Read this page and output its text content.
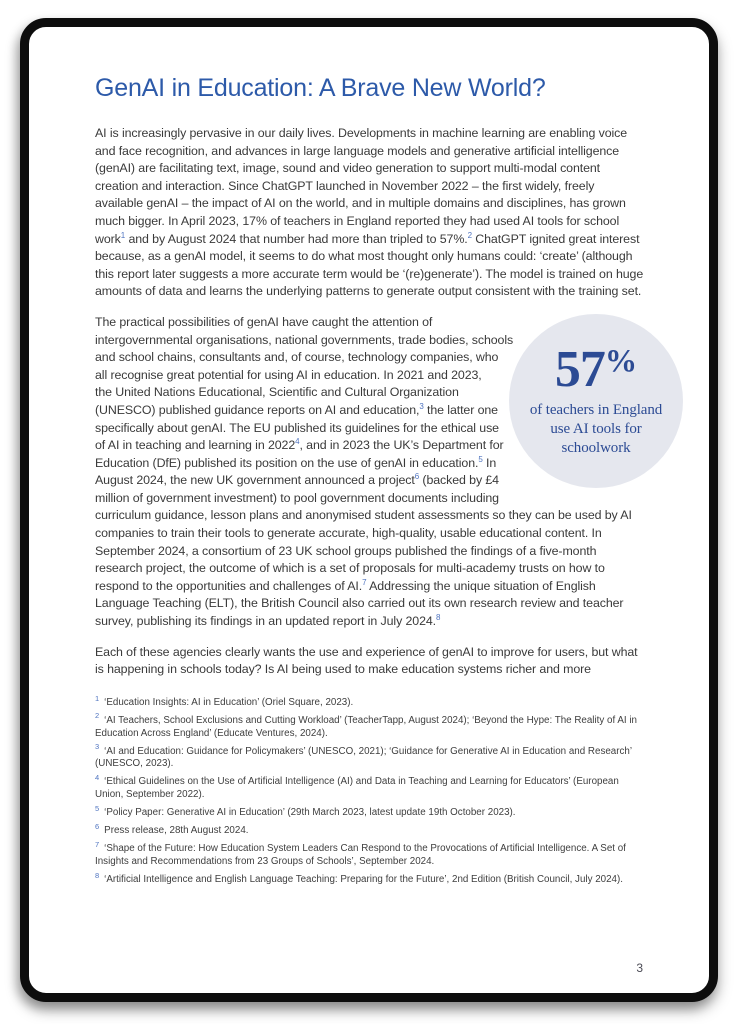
GenAI in Education: A Brave New World?

AI is increasingly pervasive in our daily lives. Developments in machine learning are enabling voice and face recognition, and advances in large language models and generative artificial intelligence (genAI) are facilitating text, image, sound and video generation to support multi-modal content creation and interaction. Since ChatGPT launched in November 2022 – the first widely, freely available genAI – the impact of AI on the world, and in multiple domains and disciplines, has grown much bigger. In April 2023, 17% of teachers in England reported they had used AI tools for school work$^1$ and by August 2024 that number had more than tripled to 57%.$^2$ ChatGPT ignited great interest because, as a genAI model, it seems to do what most thought only humans could: ‘create’ (although this report later suggests a more accurate term would be ‘(re)generate’). The model is trained on huge amounts of data and learns the underlying patterns to generate output consistent with the training set.

57%
of teachers in England use AI tools for schoolwork
The practical possibilities of genAI have caught the attention of intergovernmental organisations, national governments, trade bodies, schools and school chains, consultants and, of course, technology companies, who all recognise great potential for using AI in education. In 2021 and 2023, the United Nations Educational, Scientific and Cultural Organization (UNESCO) published guidance reports on AI and education,$^3$ the latter one specifically about genAI. The EU published its guidelines for the ethical use of AI in teaching and learning in 2022$^4$, and in 2023 the UK’s Department for Education (DfE) published its position on the use of genAI in education.$^5$ In August 2024, the new UK government announced a project$^6$ (backed by £4 million of government investment) to pool government documents including curriculum guidance, lesson plans and anonymised student assessments so they can be used by AI companies to train their tools to generate accurate, high-quality, usable educational content. In September 2024, a consortium of 23 UK school groups published the findings of a five-month research project, the outcome of which is a set of proposals for multi-academy trusts on how to respond to the opportunities and challenges of AI.$^7$ Addressing the unique situation of English Language Teaching (ELT), the British Council also carried out its own research review and teacher survey, publishing its findings in an updated report in July 2024.$^8$

Each of these agencies clearly wants the use and experience of genAI to improve for users, but what is happening in schools today? Is AI being used to make education systems richer and more

$^1$ ‘Education Insights: AI in Education’ (Oriel Square, 2023).

$^2$ ‘AI Teachers, School Exclusions and Cutting Workload’ (TeacherTapp, August 2024); ‘Beyond the Hype: The Reality of AI in Education Across England’ (Educate Ventures, 2024).

$^3$ ‘AI and Education: Guidance for Policymakers’ (UNESCO, 2021); ‘Guidance for Generative AI in Education and Research’ (UNESCO, 2023).

$^4$ ‘Ethical Guidelines on the Use of Artificial Intelligence (AI) and Data in Teaching and Learning for Educators’ (European Union, September 2022).

$^5$ ‘Policy Paper: Generative AI in Education’ (29th March 2023, latest update 19th October 2023).

$^6$ Press release, 28th August 2024.

$^7$ ‘Shape of the Future: How Education System Leaders Can Respond to the Provocations of Artificial Intelligence. A Set of Insights and Recommendations from 23 Groups of Schools’, September 2024.

$^8$ ‘Artificial Intelligence and English Language Teaching: Preparing for the Future’, 2nd Edition (British Council, July 2024).

3
